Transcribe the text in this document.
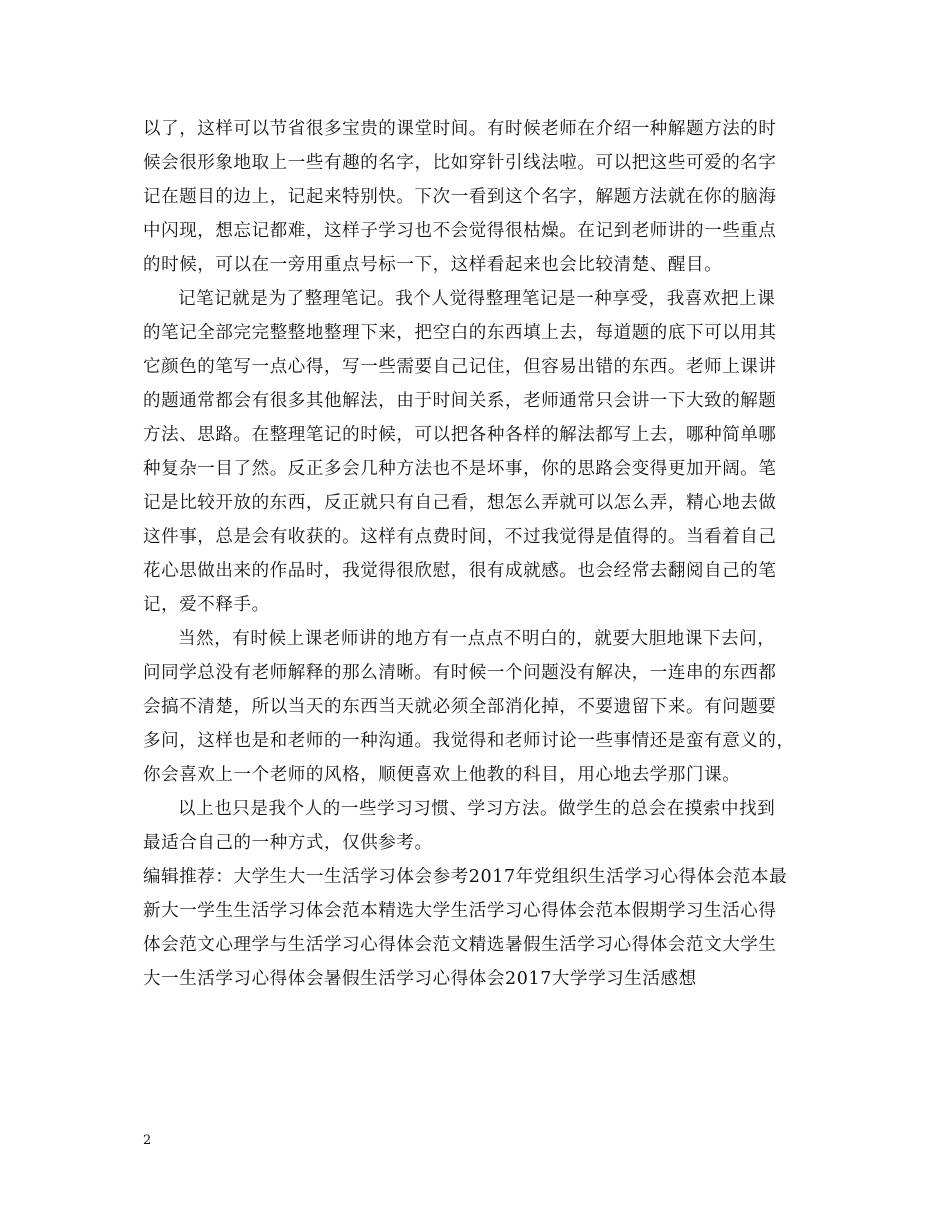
以了，这样可以节省很多宝贵的课堂时间。有时候老师在介绍一种解题方法的时
候会很形象地取上一些有趣的名字，比如穿针引线法啦。可以把这些可爱的名字
记在题目的边上，记起来特别快。下次一看到这个名字，解题方法就在你的脑海
中闪现，想忘记都难，这样子学习也不会觉得很枯燥。在记到老师讲的一些重点
的时候，可以在一旁用重点号标一下，这样看起来也会比较清楚、醒目。
记笔记就是为了整理笔记。我个人觉得整理笔记是一种享受，我喜欢把上课
的笔记全部完完整整地整理下来，把空白的东西填上去，每道题的底下可以用其
它颜色的笔写一点心得，写一些需要自己记住，但容易出错的东西。老师上课讲
的题通常都会有很多其他解法，由于时间关系，老师通常只会讲一下大致的解题
方法、思路。在整理笔记的时候，可以把各种各样的解法都写上去，哪种简单哪
种复杂一目了然。反正多会几种方法也不是坏事，你的思路会变得更加开阔。笔
记是比较开放的东西，反正就只有自己看，想怎么弄就可以怎么弄，精心地去做
这件事，总是会有收获的。这样有点费时间，不过我觉得是值得的。当看着自己
花心思做出来的作品时，我觉得很欣慰，很有成就感。也会经常去翻阅自己的笔
记，爱不释手。
当然，有时候上课老师讲的地方有一点点不明白的，就要大胆地课下去问，
问同学总没有老师解释的那么清晰。有时候一个问题没有解决，一连串的东西都
会搞不清楚，所以当天的东西当天就必须全部消化掉，不要遗留下来。有问题要
多问，这样也是和老师的一种沟通。我觉得和老师讨论一些事情还是蛮有意义的，
你会喜欢上一个老师的风格，顺便喜欢上他教的科目，用心地去学那门课。
以上也只是我个人的一些学习习惯、学习方法。做学生的总会在摸索中找到
最适合自己的一种方式，仅供参考。
编辑推荐：大学生大一生活学习体会参考2017年党组织生活学习心得体会范本最
新大一学生生活学习体会范本精选大学生活学习心得体会范本假期学习生活心得
体会范文心理学与生活学习心得体会范文精选暑假生活学习心得体会范文大学生
大一生活学习心得体会暑假生活学习心得体会2017大学学习生活感想
2
